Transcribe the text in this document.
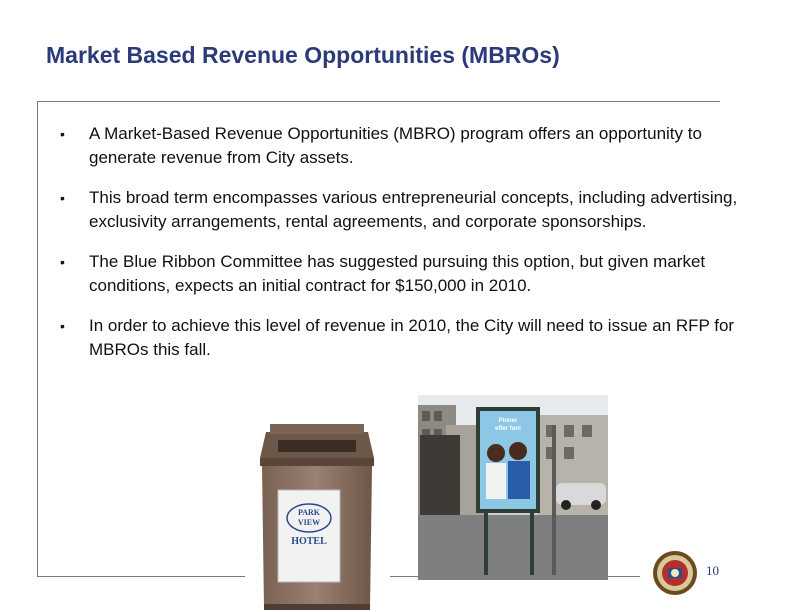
Market Based Revenue Opportunities (MBROs)
• A Market-Based Revenue Opportunities (MBRO) program offers an opportunity to generate revenue from City assets.
• This broad term encompasses various entrepreneurial concepts, including advertising, exclusivity arrangements, rental agreements, and corporate sponsorships.
• The Blue Ribbon Committee has suggested pursuing this option, but given market conditions, expects an initial contract for $150,000 in 2010.
• In order to achieve this level of revenue in 2010, the City will need to issue an RFP for MBROs this fall.
PARK
VIEW
HOTEL
Pinner
effer fun!
10
